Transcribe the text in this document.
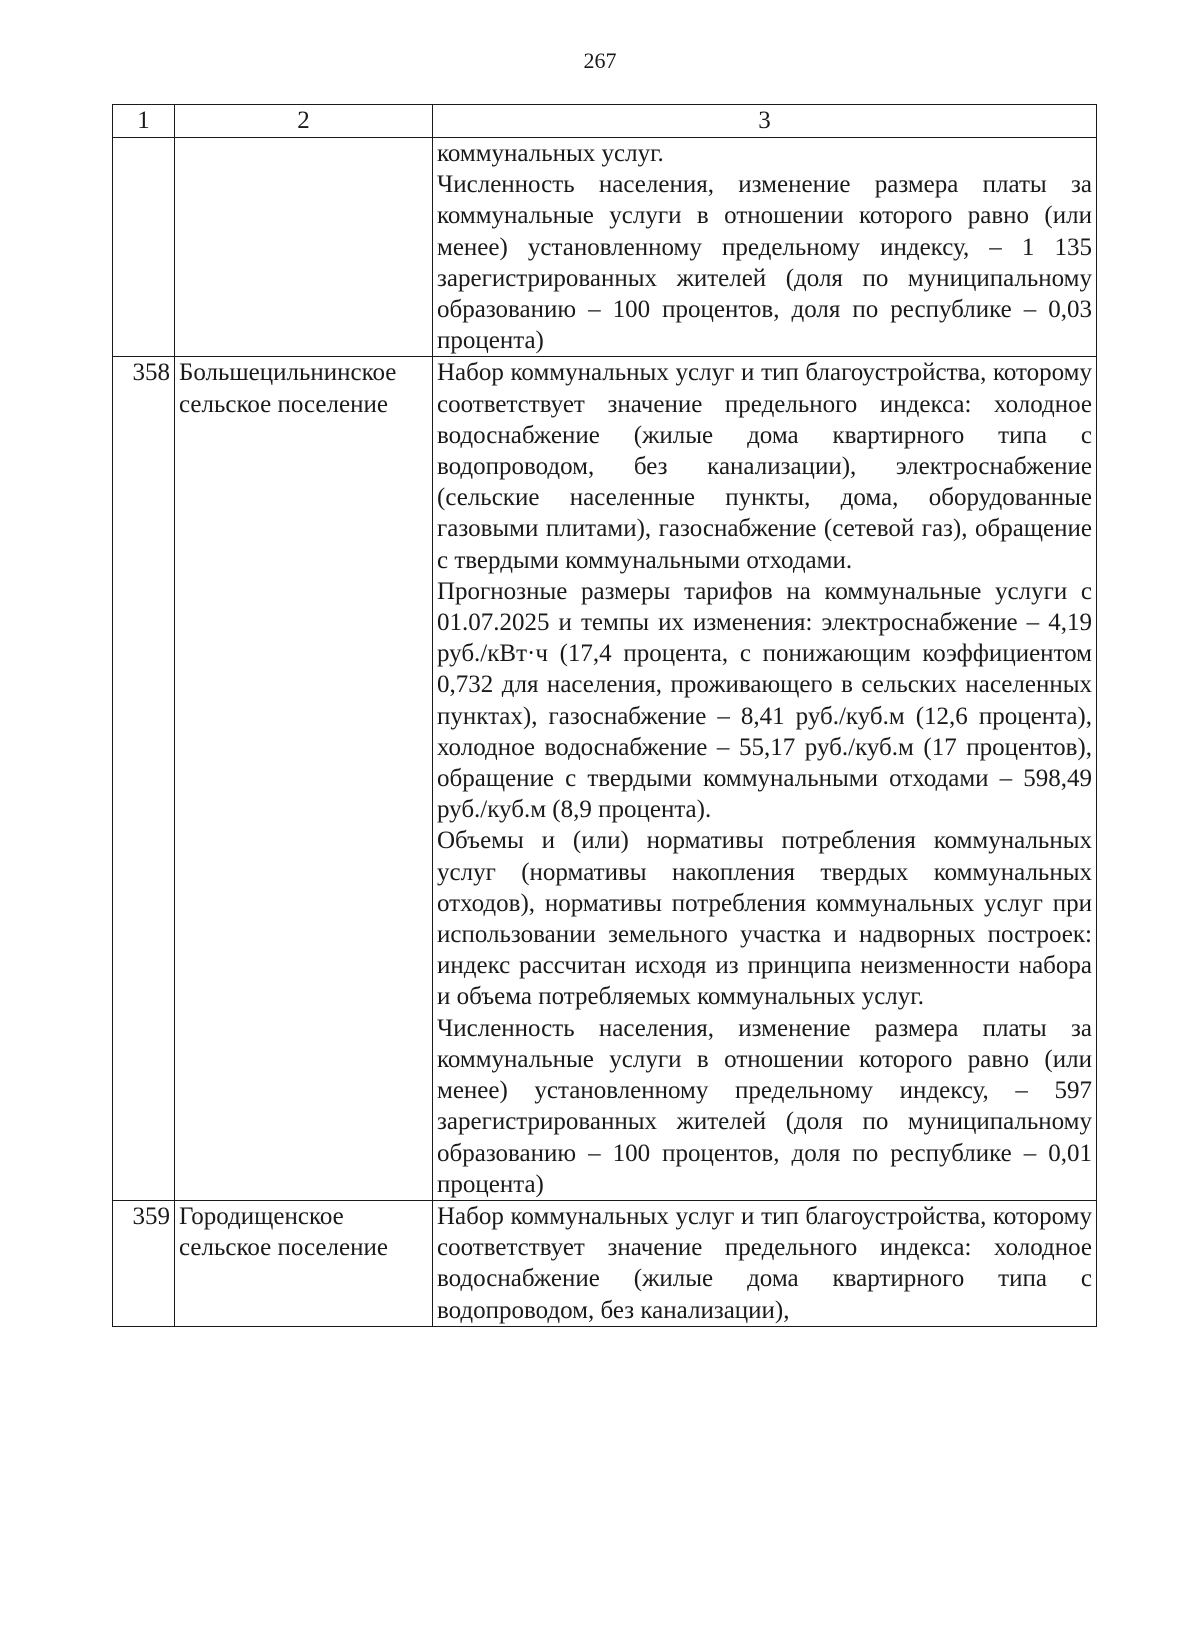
267
1	2	3

		коммунальных услуг.
Численность населения, изменение размера платы за коммунальные услуги в отношении которого равно (или менее) установленному предельному индексу, – 1 135 зарегистрированных жителей (доля по муниципальному образованию – 100 процентов, доля по республике – 0,03 процента)

358	Большецильнинское сельское поселение	Набор коммунальных услуг и тип благоустройства, которому соответствует значение предельного индекса: холодное водоснабжение (жилые дома квартирного типа с водопроводом, без канализации), электроснабжение (сельские населенные пункты, дома, оборудованные газовыми плитами), газоснабжение (сетевой газ), обращение с твердыми коммунальными отходами.
Прогнозные размеры тарифов на коммунальные услуги с 01.07.2025 и темпы их изменения: электроснабжение – 4,19 руб./кВт·ч (17,4 процента, с понижающим коэффициентом 0,732 для населения, проживающего в сельских населенных пунктах), газоснабжение – 8,41 руб./куб.м (12,6 процента), холодное водоснабжение – 55,17 руб./куб.м (17 процентов), обращение с твердыми коммунальными отходами – 598,49 руб./куб.м (8,9 процента).
Объемы и (или) нормативы потребления коммунальных услуг (нормативы накопления твердых коммунальных отходов), нормативы потребления коммунальных услуг при использовании земельного участка и надворных построек: индекс рассчитан исходя из принципа неизменности набора и объема потребляемых коммунальных услуг.
Численность населения, изменение размера платы за коммунальные услуги в отношении которого равно (или менее) установленному предельному индексу, – 597 зарегистрированных жителей (доля по муниципальному образованию – 100 процентов, доля по республике – 0,01 процента)

359	Городищенское сельское поселение	Набор коммунальных услуг и тип благоустройства, которому соответствует значение предельного индекса: холодное водоснабжение (жилые дома квартирного типа с водопроводом, без канализации),
